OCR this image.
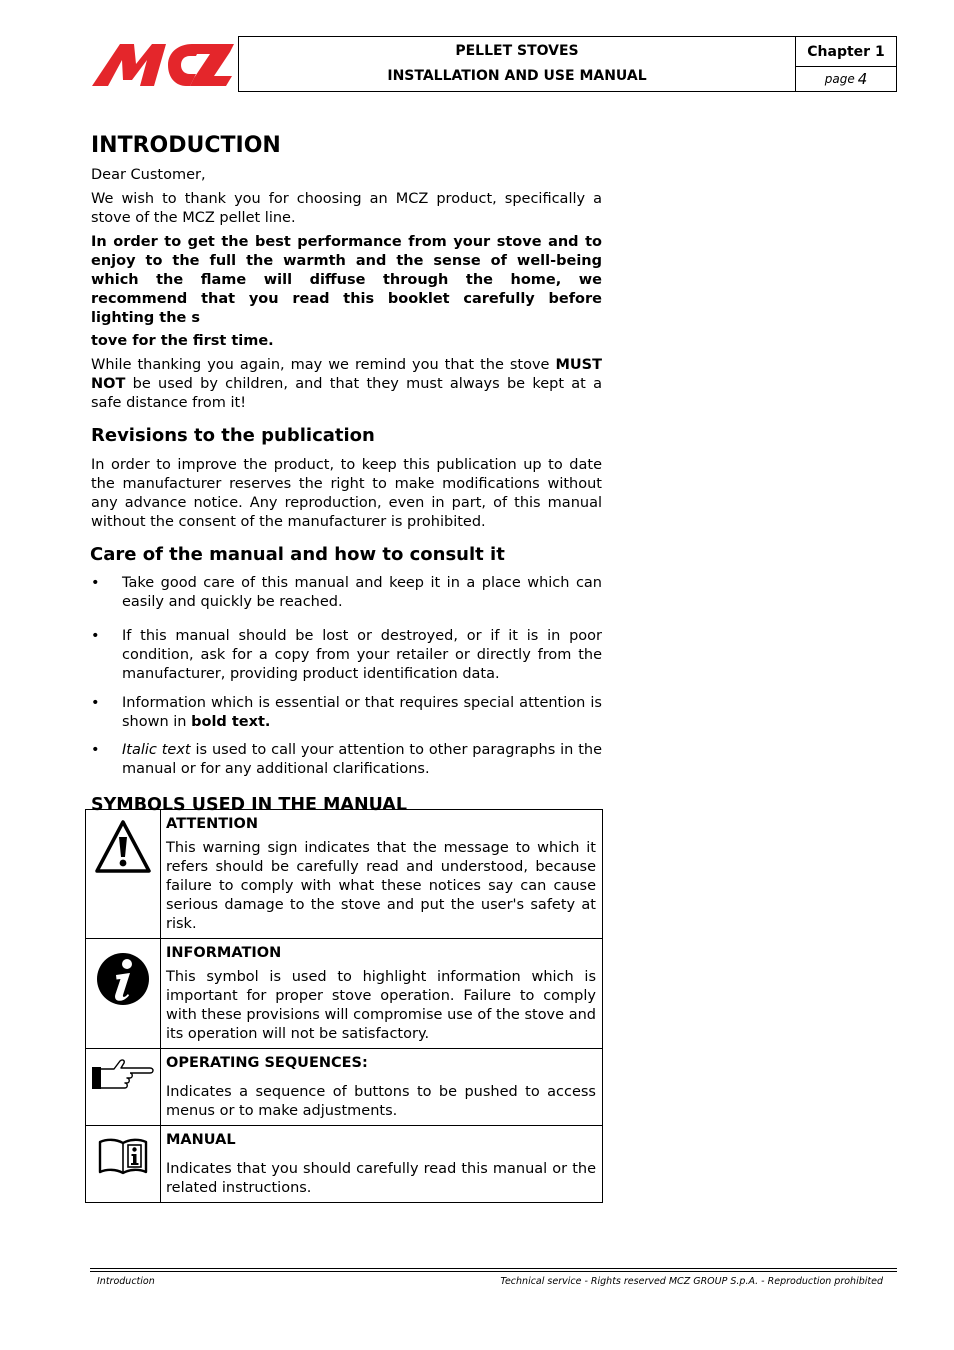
MCZ
PELLET STOVES
INSTALLATION AND USE MANUAL
Chapter 1
page 4
INTRODUCTION

Dear Customer,

We wish to thank you for choosing an MCZ product, specifically a stove of the MCZ pellet line.

In order to get the best performance from your stove and to enjoy to the full the warmth and the sense of well-being which the flame will diffuse through the home, we recommend that you read this booklet carefully before lighting the s

tove for the first time.

While thanking you again, may we remind you that the stove MUST NOT be used by children, and that they must always be kept at a safe distance from it!

Revisions to the publication

In order to improve the product, to keep this publication up to date the manufacturer reserves the right to make modifications without any advance notice. Any reproduction, even in part, of this manual without the consent of the manufacturer is prohibited.

Care of the manual and how to consult it
• Take good care of this manual and keep it in a place which can easily and quickly be reached.
• If this manual should be lost or destroyed, or if it is in poor condition, ask for a copy from your retailer or directly from the manufacturer, providing product identification data.
• Information which is essential or that requires special attention is shown in bold text.
• Italic text is used to call your attention to other paragraphs in the manual or for any additional clarifications.
SYMBOLS USED IN THE MANUAL

ATTENTION

This warning sign indicates that the message to which it refers should be carefully read and understood, because failure to comply with what these notices say can cause serious damage to the stove and put the user's safety at risk.

INFORMATION

This symbol is used to highlight information which is important for proper stove operation. Failure to comply with these provisions will compromise use of the stove and its operation will not be satisfactory.

OPERATING SEQUENCES:

Indicates a sequence of buttons to be pushed to access menus or to make adjustments.

MANUAL

Indicates that you should carefully read this manual or the related instructions.

Introduction	Technical service - Rights reserved MCZ GROUP S.p.A. - Reproduction prohibited
